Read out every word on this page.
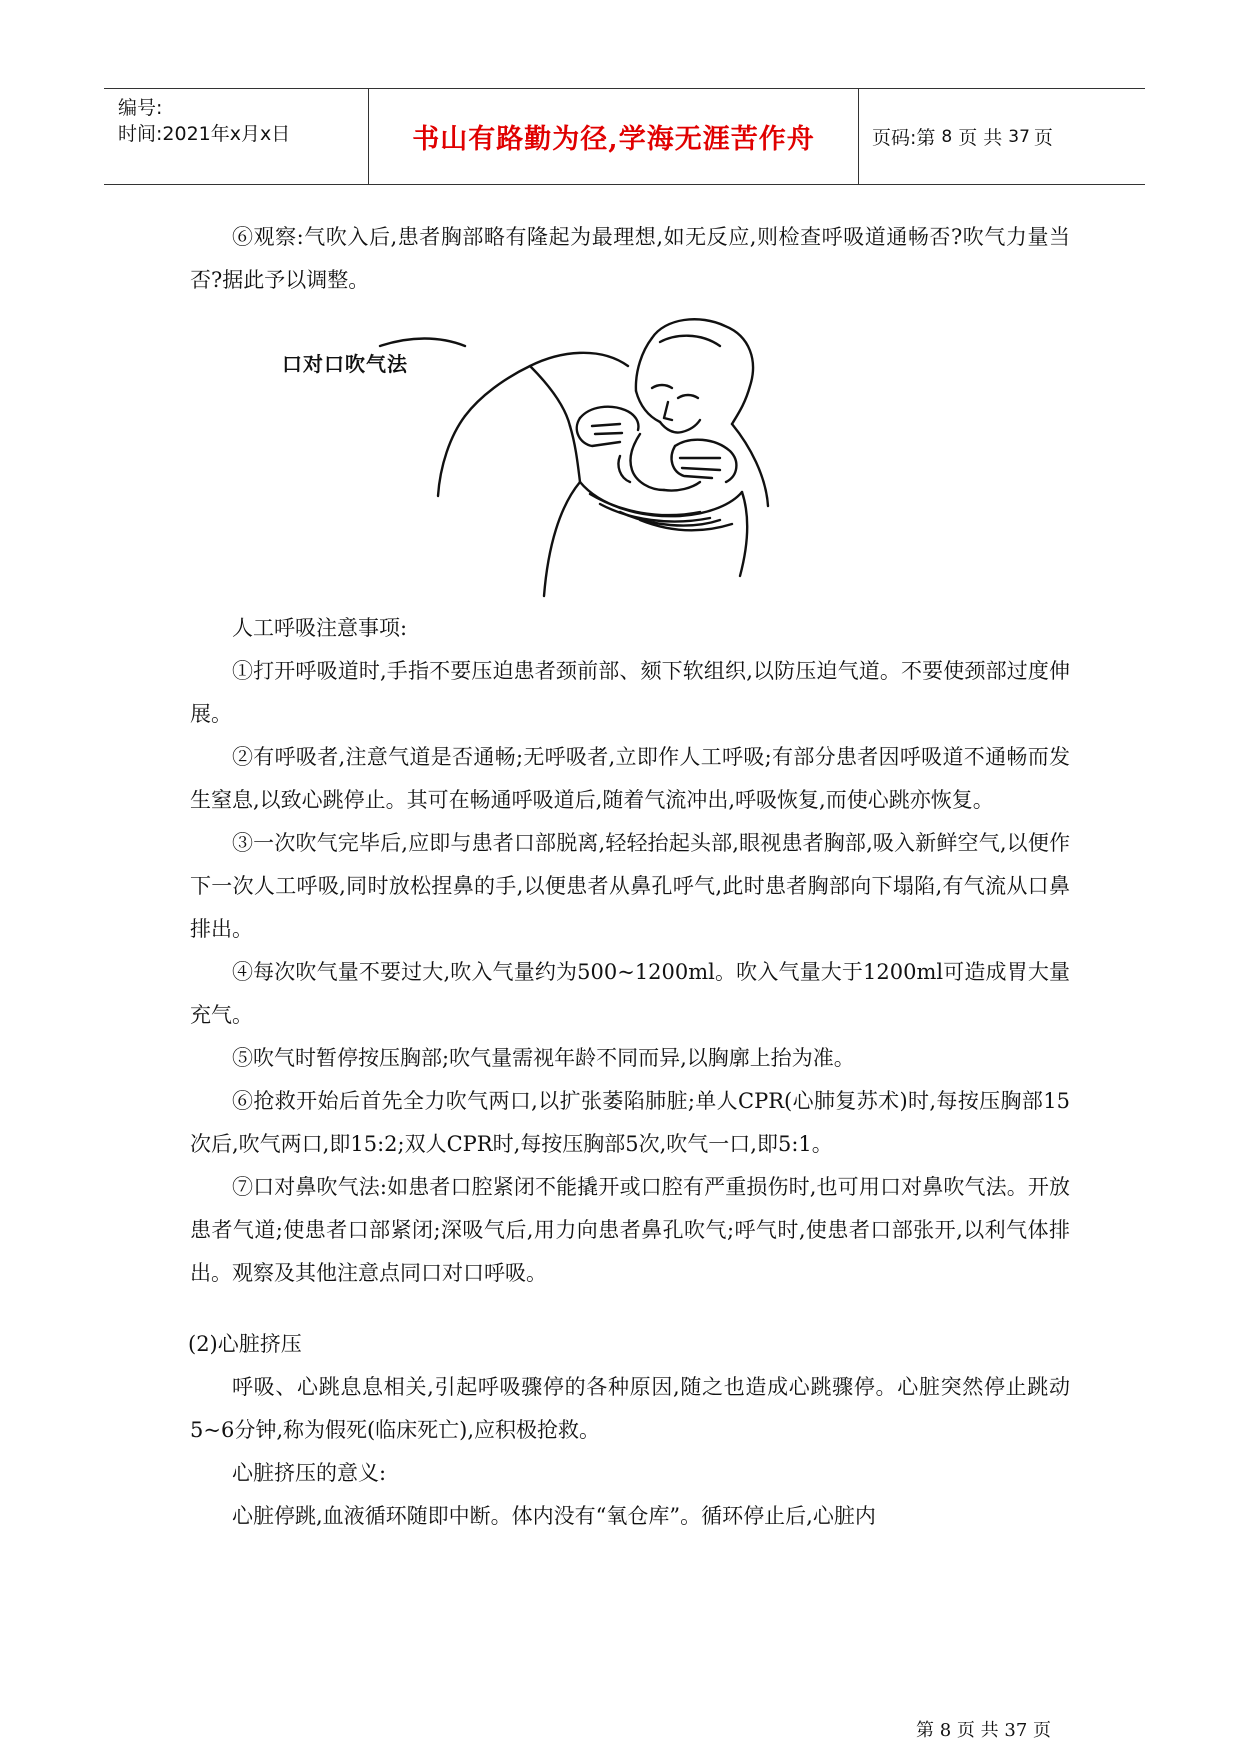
编号:
时间:2021年x月x日	书山有路勤为径,学海无涯苦作舟	页码:第 8 页 共 37 页

⑥观察:气吹入后,患者胸部略有隆起为最理想,如无反应,则检查呼吸道通畅否?吹气力量当否?据此予以调整。

口对口吹气法

人工呼吸注意事项:

①打开呼吸道时,手指不要压迫患者颈前部、颏下软组织,以防压迫气道。不要使颈部过度伸展。

②有呼吸者,注意气道是否通畅;无呼吸者,立即作人工呼吸;有部分患者因呼吸道不通畅而发生窒息,以致心跳停止。其可在畅通呼吸道后,随着气流冲出,呼吸恢复,而使心跳亦恢复。

③一次吹气完毕后,应即与患者口部脱离,轻轻抬起头部,眼视患者胸部,吸入新鲜空气,以便作下一次人工呼吸,同时放松捏鼻的手,以便患者从鼻孔呼气,此时患者胸部向下塌陷,有气流从口鼻排出。

④每次吹气量不要过大,吹入气量约为500~1200ml。吹入气量大于1200ml可造成胃大量充气。

⑤吹气时暂停按压胸部;吹气量需视年龄不同而异,以胸廓上抬为准。

⑥抢救开始后首先全力吹气两口,以扩张萎陷肺脏;单人CPR(心肺复苏术)时,每按压胸部15次后,吹气两口,即15:2;双人CPR时,每按压胸部5次,吹气一口,即5:1。

⑦口对鼻吹气法:如患者口腔紧闭不能撬开或口腔有严重损伤时,也可用口对鼻吹气法。开放患者气道;使患者口部紧闭;深吸气后,用力向患者鼻孔吹气;呼气时,使患者口部张开,以利气体排出。观察及其他注意点同口对口呼吸。

(2)心脏挤压

呼吸、心跳息息相关,引起呼吸骤停的各种原因,随之也造成心跳骤停。心脏突然停止跳动5~6分钟,称为假死(临床死亡),应积极抢救。

心脏挤压的意义:

心脏停跳,血液循环随即中断。体内没有“氧仓库”。循环停止后,心脏内

第 8 页 共 37 页
